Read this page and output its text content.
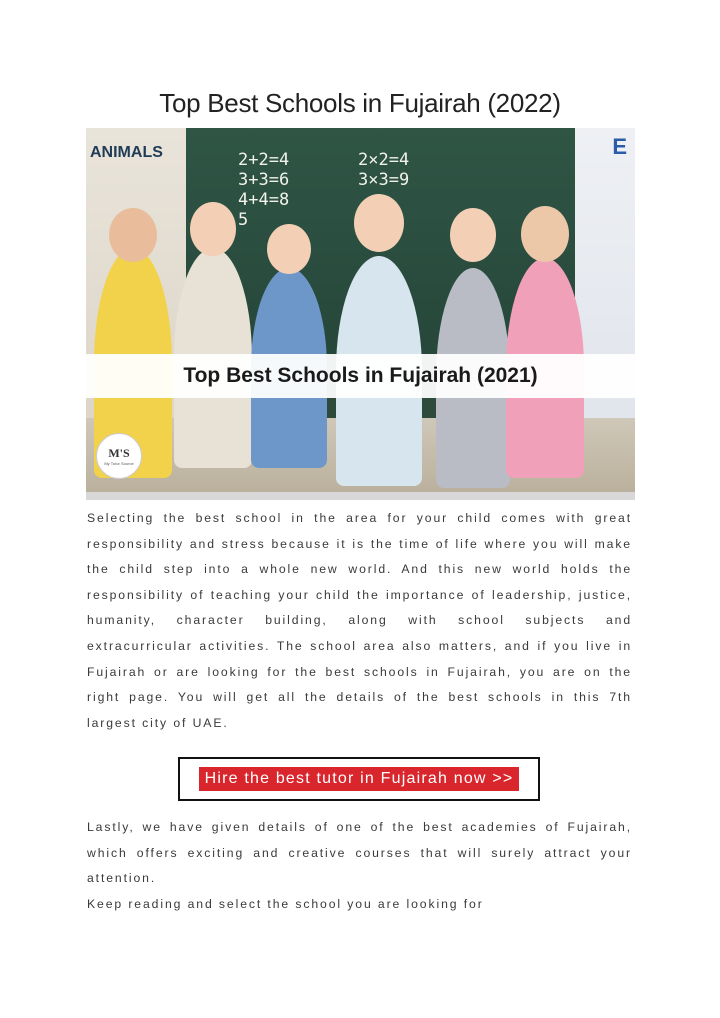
Top Best Schools in Fujairah (2022)
ANIMALS	2+2=4
3+3=6
4+4=8
5
2×2=4
3×3=9
E
Top Best Schools in Fujairah (2021)
M'S
My Tutor Source
Selecting the best school in the area for your child comes with great responsibility and stress because it is the time of life where you will make the child step into a whole new world. And this new world holds the responsibility of teaching your child the importance of leadership, justice, humanity, character building, along with school subjects and extracurricular activities. The school area also matters, and if you live in Fujairah or are looking for the best schools in Fujairah, you are on the right page. You will get all the details of the best schools in this 7th largest city of UAE.
Hire the best tutor in Fujairah now >>
Lastly, we have given details of one of the best academies of Fujairah, which offers exciting and creative courses that will surely attract your attention.
Keep reading and select the school you are looking for
